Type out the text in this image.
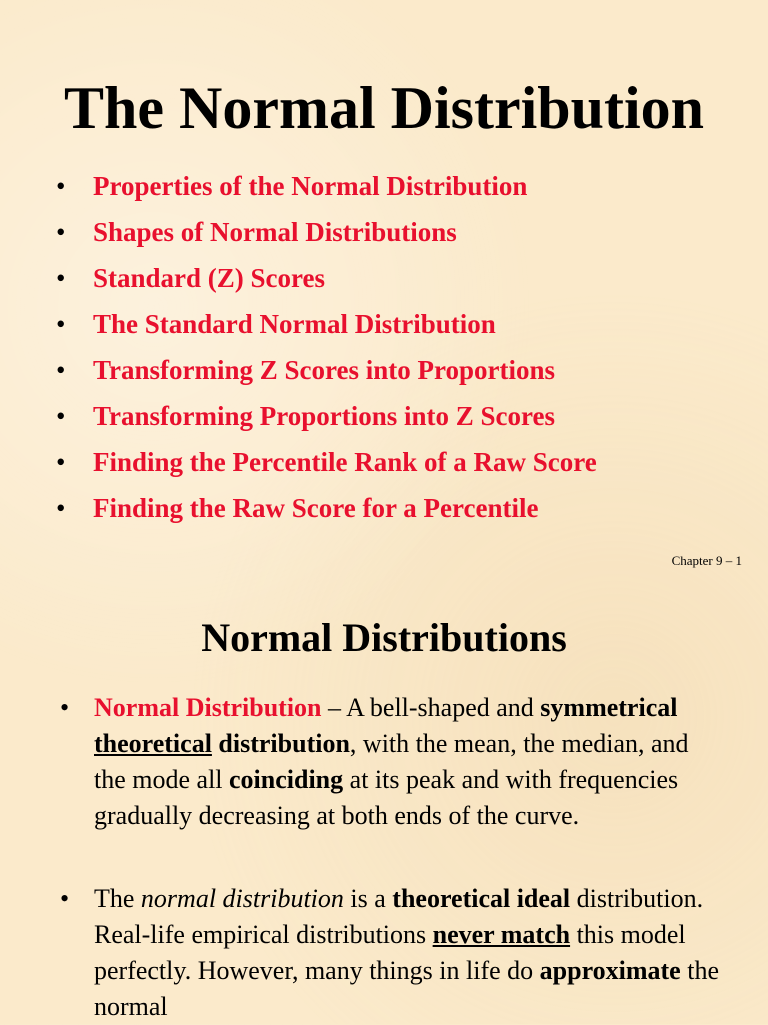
The Normal Distribution
• Properties of the Normal Distribution
• Shapes of Normal Distributions
• Standard (Z) Scores
• The Standard Normal Distribution
• Transforming Z Scores into Proportions
• Transforming Proportions into Z Scores
• Finding the Percentile Rank of a Raw Score
• Finding the Raw Score for a Percentile
Chapter 9 – 1
Normal Distributions

• Normal Distribution – A bell-shaped and symmetrical theoretical distribution, with the mean, the median, and the mode all coinciding at its peak and with frequencies gradually decreasing at both ends of the curve.

• The normal distribution is a theoretical ideal distribution. Real-life empirical distributions never match this model perfectly. However, many things in life do approximate the normal
